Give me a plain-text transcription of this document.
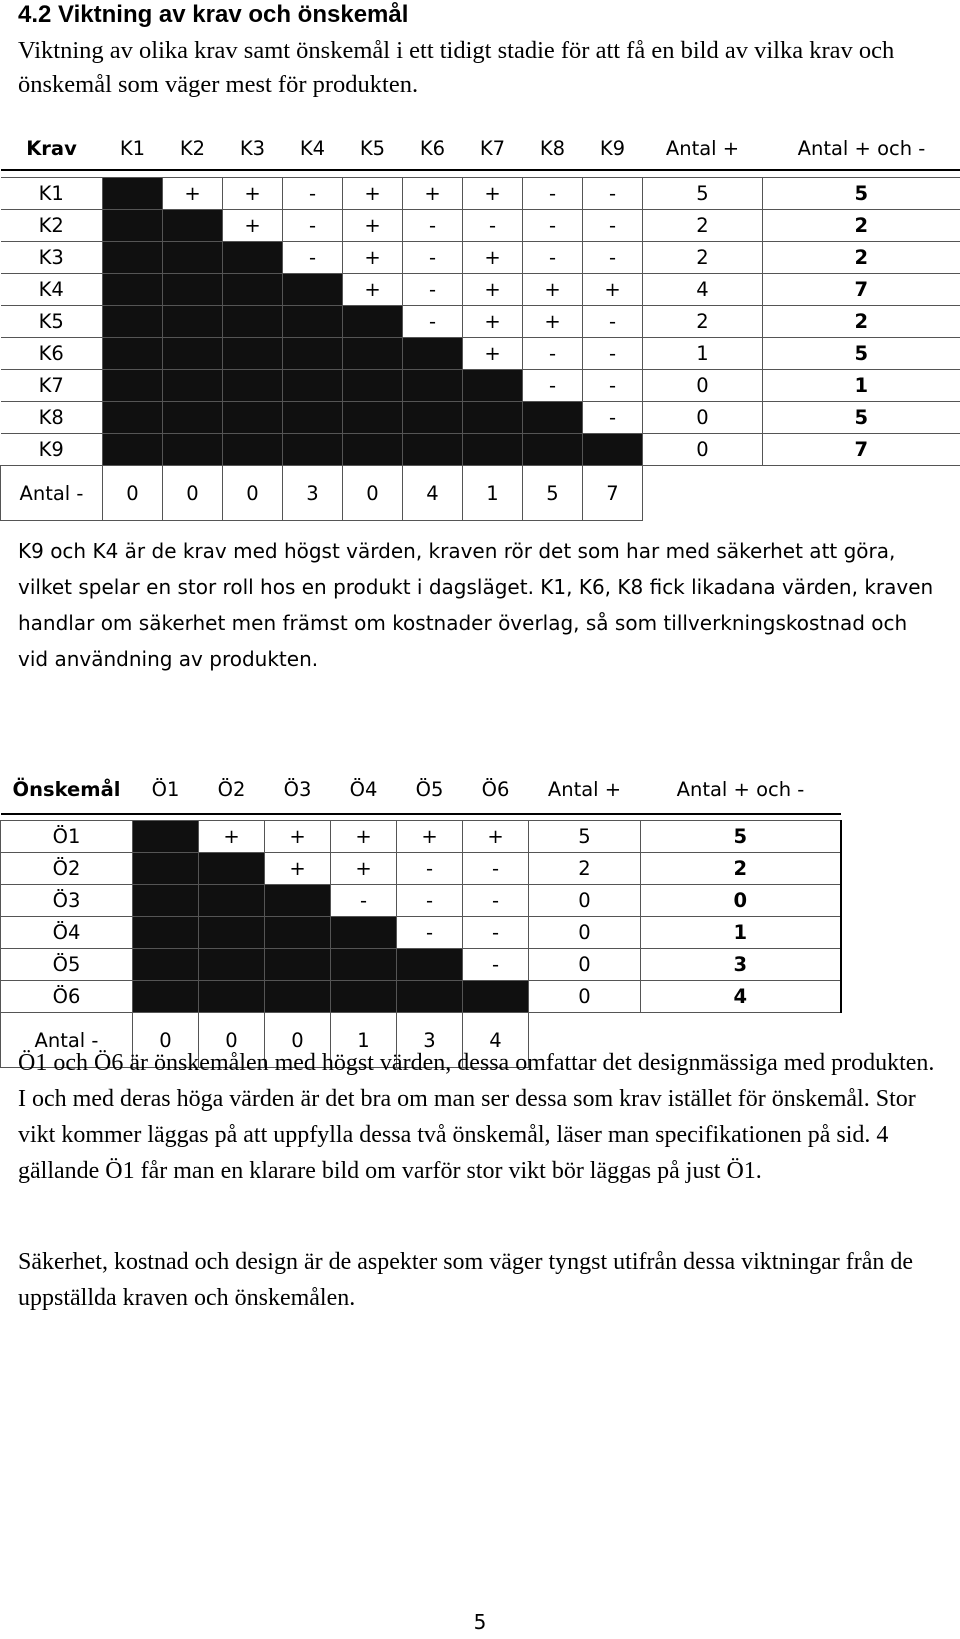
4.2 Viktning av krav och önskemål

Viktning av olika krav samt önskemål i ett tidigt stadie för att få en bild av vilka krav och önskemål som väger mest för produkten.

Krav	K1	K2	K3	K4	K5	K6	K7	K8	K9	Antal +	Antal + och -

K1		+	+	-	+	+	+	-	-	5	5
K2			+	-	+	-	-	-	-	2	2
K3				-	+	-	+	-	-	2	2
K4					+	-	+	+	+	4	7
K5						-	+	+	-	2	2
K6							+	-	-	1	5
K7								-	-	0	1
K8									-	0	5
K9										0	7
Antal -	0	0	0	3	0	4	1	5	7		

K9 och K4 är de krav med högst värden, kraven rör det som har med säkerhet att göra, vilket spelar en stor roll hos en produkt i dagsläget. K1, K6, K8 fick likadana värden, kraven handlar om säkerhet men främst om kostnader överlag, så som tillverkningskostnad och vid användning av produkten.

Önskemål	Ö1	Ö2	Ö3	Ö4	Ö5	Ö6	Antal +	Antal + och -

Ö1		+	+	+	+	+	5	5
Ö2			+	+	-	-	2	2
Ö3				-	-	-	0	0
Ö4					-	-	0	1
Ö5						-	0	3
Ö6							0	4
Antal -	0	0	0	1	3	4		

Ö1 och Ö6 är önskemålen med högst värden, dessa omfattar det designmässiga med produkten. I och med deras höga värden är det bra om man ser dessa som krav istället för önskemål. Stor vikt kommer läggas på att uppfylla dessa två önskemål, läser man specifikationen på sid. 4 gällande Ö1 får man en klarare bild om varför stor vikt bör läggas på just Ö1.

Säkerhet, kostnad och design är de aspekter som väger tyngst utifrån dessa viktningar från de uppställda kraven och önskemålen.

5
